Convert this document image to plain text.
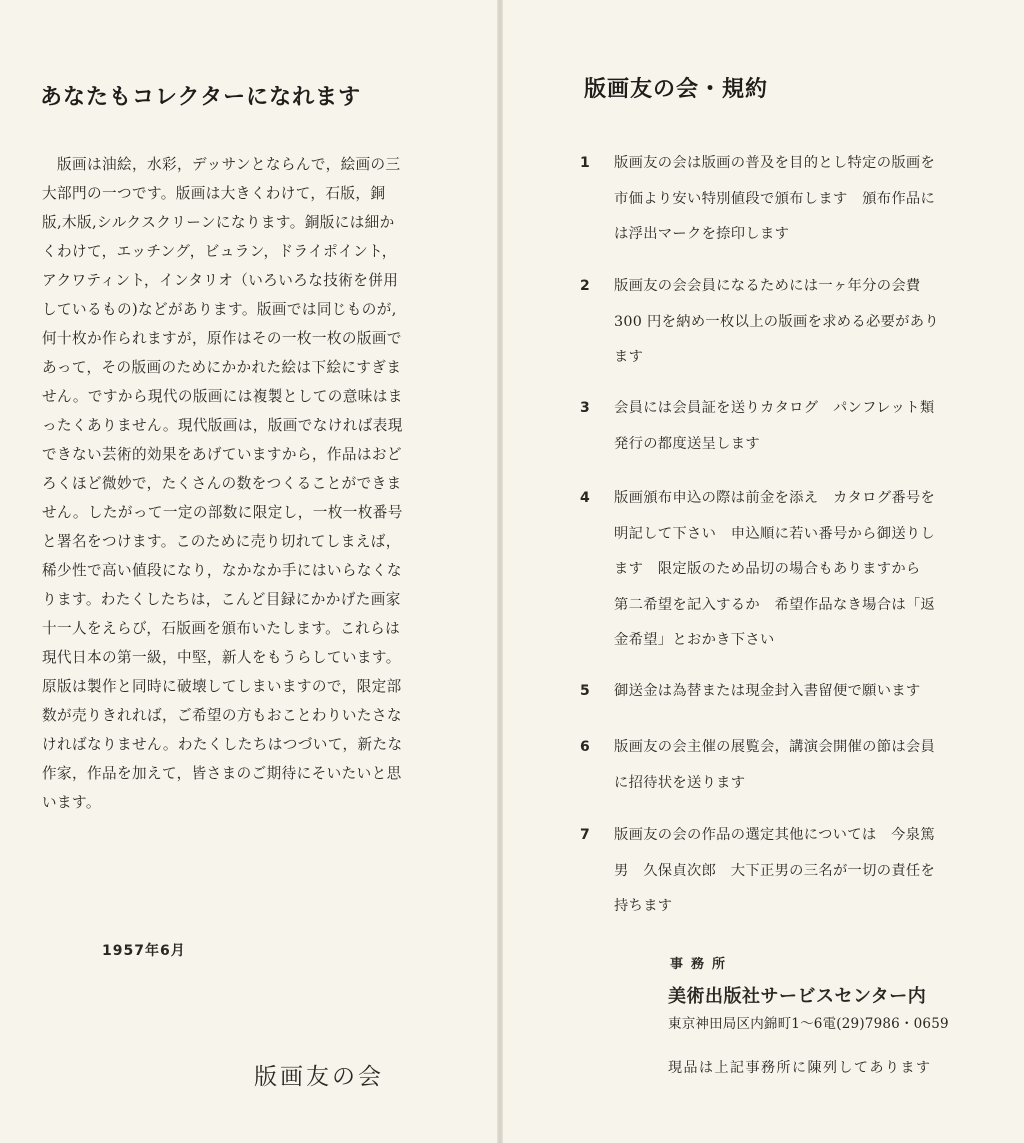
あなたもコレクターになれます
　版画は油絵，水彩，デッサンとならんで，絵画の三
大部門の一つです。版画は大きくわけて，石版，銅
版,木版,シルクスクリーンになります。銅版には細か
くわけて，エッチング，ビュラン，ドライポイント，
アクワティント，インタリオ（いろいろな技術を併用
しているもの)などがあります。版画では同じものが,
何十枚か作られますが，原作はその一枚一枚の版画で
あって，その版画のためにかかれた絵は下絵にすぎま
せん。ですから現代の版画には複製としての意味はま
ったくありません。現代版画は，版画でなければ表現
できない芸術的効果をあげていますから，作品はおど
ろくほど微妙で，たくさんの数をつくることができま
せん。したがって一定の部数に限定し，一枚一枚番号
と署名をつけます。このために売り切れてしまえば，
稀少性で高い値段になり，なかなか手にはいらなくな
ります。わたくしたちは，こんど目録にかかげた画家
十一人をえらび，石版画を頒布いたします。これらは
現代日本の第一級，中堅，新人をもうらしています。
原版は製作と同時に破壊してしまいますので，限定部
数が売りきれれば，ご希望の方もおことわりいたさな
ければなりません。わたくしたちはつづいて，新たな
作家，作品を加えて，皆さまのご期待にそいたいと思
います。
1957年6月
版画友の会
版画友の会・規約
1 版画友の会は版画の普及を目的とし特定の版画を
市価より安い特別値段で頒布します　頒布作品に
は浮出マークを捺印します
2 版画友の会会員になるためには一ヶ年分の会費
300 円を納め一枚以上の版画を求める必要があり
ます
3 会員には会員証を送りカタログ　パンフレット類
発行の都度送呈します
4 版画頒布申込の際は前金を添え　カタログ番号を
明記して下さい　申込順に若い番号から御送りし
ます　限定版のため品切の場合もありますから
第二希望を記入するか　希望作品なき場合は「返
金希望」とおかき下さい
5 御送金は為替または現金封入書留便で願います
6 版画友の会主催の展覧会，講演会開催の節は会員
に招待状を送ります
7 版画友の会の作品の選定其他については　今泉篤
男　久保貞次郎　大下正男の三名が一切の責任を
持ちます
事務所
美術出版社サービスセンター内
東京神田局区内錦町1〜6電(29)7986・0659
現品は上記事務所に陳列してあります
